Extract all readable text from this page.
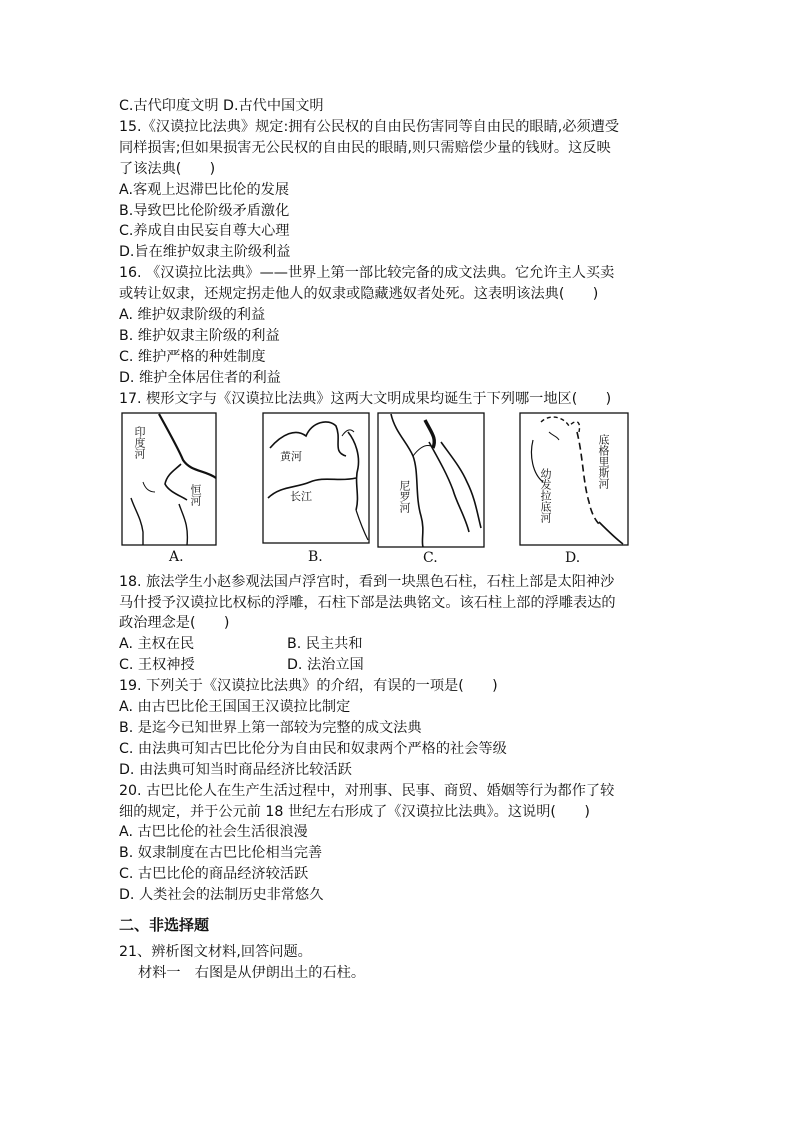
C.古代印度文明 D.古代中国文明
15.《汉谟拉比法典》规定:拥有公民权的自由民伤害同等自由民的眼睛,必须遭受
同样损害;但如果损害无公民权的自由民的眼睛,则只需赔偿少量的钱财。这反映
了该法典(　　)
A.客观上迟滞巴比伦的发展
B.导致巴比伦阶级矛盾激化
C.养成自由民妄自尊大心理
D.旨在维护奴隶主阶级利益
16. 《汉谟拉比法典》——世界上第一部比较完备的成文法典。它允许主人买卖
或转让奴隶，还规定拐走他人的奴隶或隐藏逃奴者处死。这表明该法典(　　)
A. 维护奴隶阶级的利益
B. 维护奴隶主阶级的利益
C. 维护严格的种姓制度
D. 维护全体居住者的利益
17. 楔形文字与《汉谟拉比法典》这两大文明成果均诞生于下列哪一地区(　　)
印度河
恒河
A.
黄河
长江
B.
尼罗河
C.
底格里斯河
幼发拉底河
D.
18. 旅法学生小赵参观法国卢浮宫时，看到一块黑色石柱，石柱上部是太阳神沙
马什授予汉谟拉比权标的浮雕，石柱下部是法典铭文。该石柱上部的浮雕表达的
政治理念是(　　)
A. 主权在民	B. 民主共和
C. 王权神授	D. 法治立国
19. 下列关于《汉谟拉比法典》的介绍，有误的一项是(　　)
A. 由古巴比伦王国国王汉谟拉比制定
B. 是迄今已知世界上第一部较为完整的成文法典
C. 由法典可知古巴比伦分为自由民和奴隶两个严格的社会等级
D. 由法典可知当时商品经济比较活跃
20. 古巴比伦人在生产生活过程中，对刑事、民事、商贸、婚姻等行为都作了较
细的规定，并于公元前 18 世纪左右形成了《汉谟拉比法典》。这说明(　　)
A. 古巴比伦的社会生活很浪漫
B. 奴隶制度在古巴比伦相当完善
C. 古巴比伦的商品经济较活跃
D. 人类社会的法制历史非常悠久
二、非选择题
21、辨析图文材料,回答问题。
材料一　右图是从伊朗出土的石柱。
